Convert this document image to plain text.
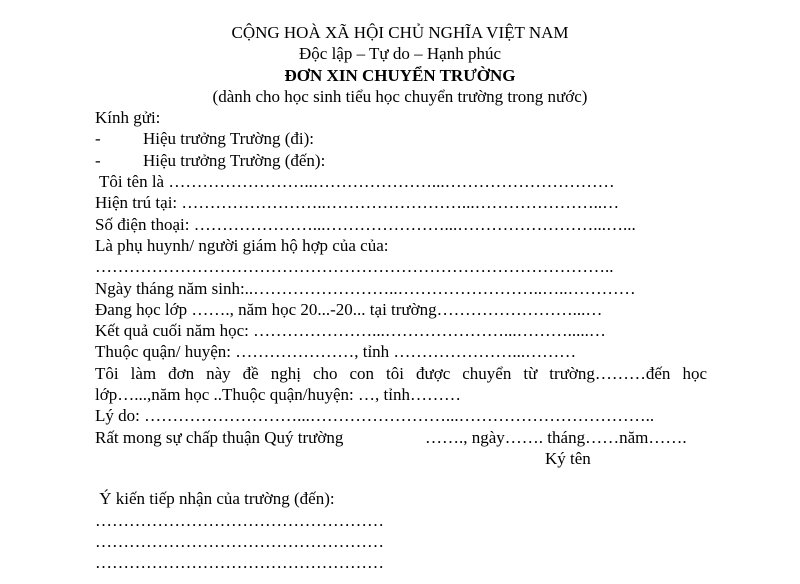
CỘNG HOÀ XÃ HỘI CHỦ NGHĨA VIỆT NAM
Độc lập – Tự do – Hạnh phúc
ĐƠN XIN CHUYỂN TRƯỜNG
(dành cho học sinh tiểu học chuyển trường trong nước)
Kính gửi:
- Hiệu trưởng Trường (đi):
- Hiệu trưởng Trường (đến):
Tôi tên là ……………………..…………………...…………………………
Hiện trú tại: ……………………..……………………...…………………..…
Số điện thoại: …………………...…………………...……………………...…...
Là phụ huynh/ người giám hộ hợp của của:
………………………………………………………………………………..
Ngày tháng năm sinh:..……………………..……………………..…..…………
Đang học lớp ……., năm học 20...-20... tại trường……………………...…
Kết quả cuối năm học: …………………...…………………...……….....…
Thuộc quận/ huyện: …………………, tỉnh …………………...………
Tôi làm đơn này đề nghị cho con tôi được chuyển từ trường………đến học
lớp…...,năm học ..Thuộc quận/huyện: …, tỉnh………
Lý do: ………………………...……………………...……………………………..
Rất mong sự chấp thuận Quý trường	……., ngày……. tháng……năm…….
Ký tên
Ý kiến tiếp nhận của trường (đến):
……………………………………………
……………………………………………
……………………………………………
